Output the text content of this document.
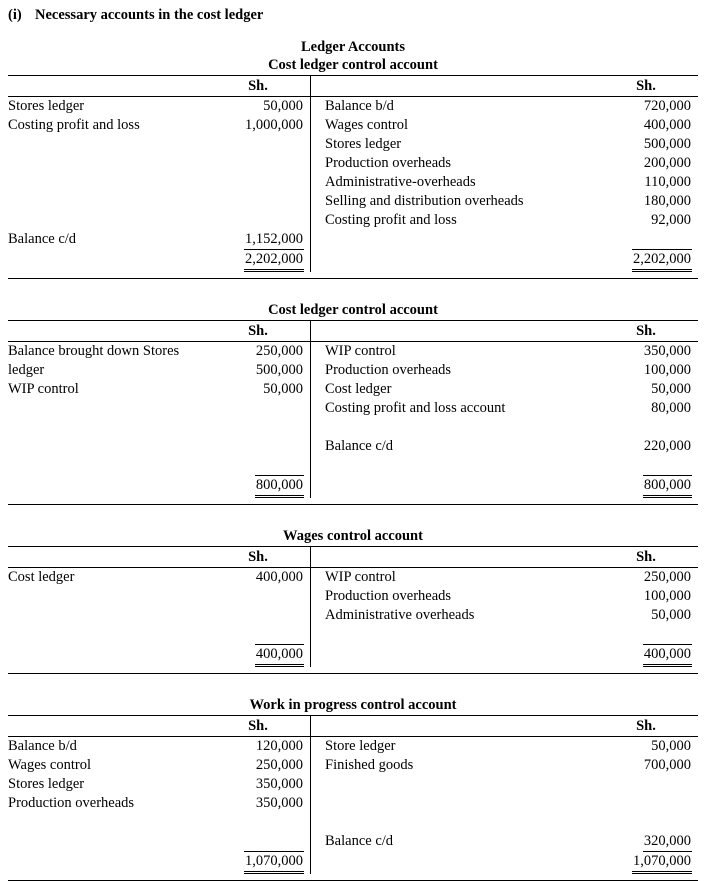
(i) Necessary accounts in the cost ledger
Ledger Accounts
Cost ledger control account
Sh.
Stores ledger	50,000
Costing profit and loss	1,000,000
Balance c/d	1,152,000
2,202,000
Sh.
Balance b/d	720,000
Wages control	400,000
Stores ledger	500,000
Production overheads	200,000
Administrative-overheads	110,000
Selling and distribution overheads	180,000
Costing profit and loss	92,000
2,202,000
Cost ledger control account
Sh.
Balance brought down Stores	250,000
ledger	500,000
WIP control	50,000
800,000
Sh.
WIP control	350,000
Production overheads	100,000
Cost ledger	50,000
Costing profit and loss account	80,000
Balance c/d	220,000
800,000
Wages control account
Sh.
Cost ledger	400,000
400,000
Sh.
WIP control	250,000
Production overheads	100,000
Administrative overheads	50,000
400,000
Work in progress control account
Sh.
Balance b/d	120,000
Wages control	250,000
Stores ledger	350,000
Production overheads	350,000
1,070,000
Sh.
Store ledger	50,000
Finished goods	700,000
Balance c/d	320,000
1,070,000
